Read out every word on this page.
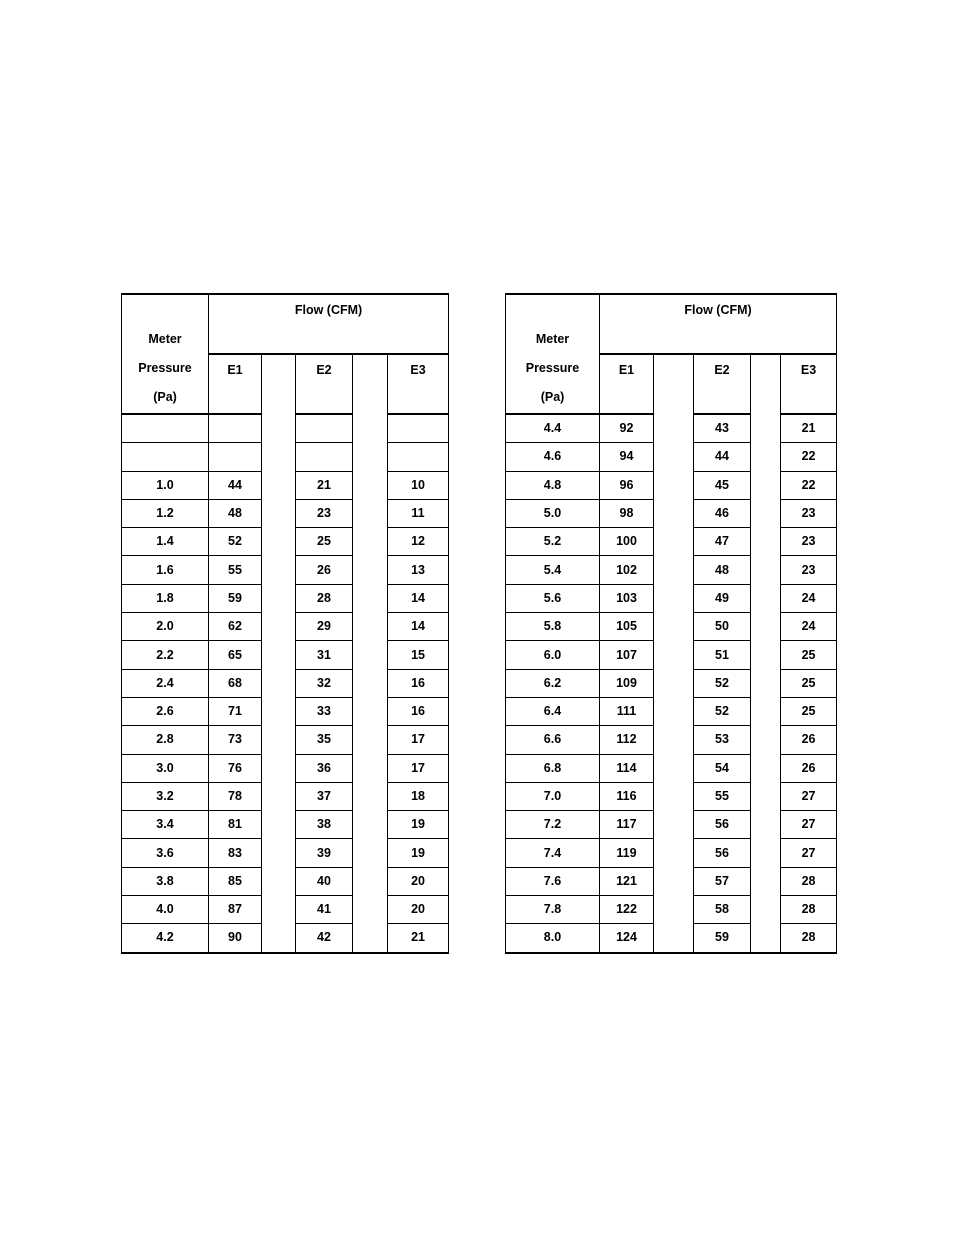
Meter
Pressure
(Pa)	Flow (CFM)				
	E1		E2		E3

1.0	44		21		10
1.2	48		23		11
1.4	52		25		12
1.6	55		26		13
1.8	59		28		14
2.0	62		29		14
2.2	65		31		15
2.4	68		32		16
2.6	71		33		16
2.8	73		35		17
3.0	76		36		17
3.2	78		37		18
3.4	81		38		19
3.6	83		39		19
3.8	85		40		20
4.0	87		41		20
4.2	90		42		21

Meter
Pressure
(Pa)	Flow (CFM)				
	E1		E2		E3
4.4	92		43		21
4.6	94		44		22
4.8	96		45		22
5.0	98		46		23
5.2	100		47		23
5.4	102		48		23
5.6	103		49		24
5.8	105		50		24
6.0	107		51		25
6.2	109		52		25
6.4	111		52		25
6.6	112		53		26
6.8	114		54		26
7.0	116		55		27
7.2	117		56		27
7.4	119		56		27
7.6	121		57		28
7.8	122		58		28
8.0	124		59		28
